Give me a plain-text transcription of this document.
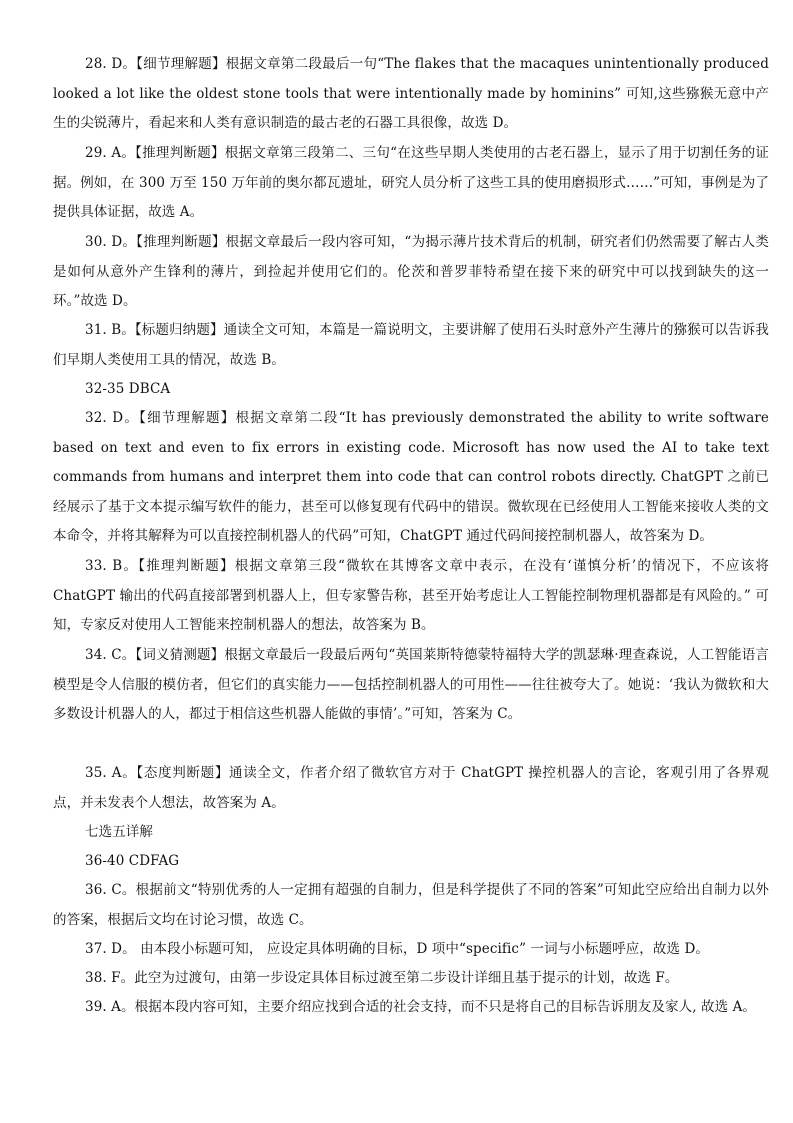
28. D。【细节理解题】根据文章第二段最后一句“The flakes that the macaques unintentionally produced looked a lot like the oldest stone tools that were intentionally made by hominins” 可知,这些猕猴无意中产生的尖锐薄片，看起来和人类有意识制造的最古老的石器工具很像，故选 D。
29. A。【推理判断题】根据文章第三段第二、三句“在这些早期人类使用的古老石器上，显示了用于切割任务的证据。例如，在 300 万至 150 万年前的奥尔都瓦遗址，研究人员分析了这些工具的使用磨损形式……”可知，事例是为了提供具体证据，故选 A。
30. D。【推理判断题】根据文章最后一段内容可知，“为揭示薄片技术背后的机制，研究者们仍然需要了解古人类是如何从意外产生锋利的薄片，到捡起并使用它们的。伦茨和普罗菲特希望在接下来的研究中可以找到缺失的这一环。”故选 D。
31. B。【标题归纳题】通读全文可知，本篇是一篇说明文，主要讲解了使用石头时意外产生薄片的猕猴可以告诉我们早期人类使用工具的情况，故选 B。
32-35 DBCA
32. D。【细节理解题】根据文章第二段“It has previously demonstrated the ability to write software based on text and even to fix errors in existing code. Microsoft has now used the AI to take text commands from humans and interpret them into code that can control robots directly. ChatGPT 之前已经展示了基于文本提示编写软件的能力，甚至可以修复现有代码中的错误。微软现在已经使用人工智能来接收人类的文本命令，并将其解释为可以直接控制机器人的代码”可知，ChatGPT 通过代码间接控制机器人，故答案为 D。
33. B。【推理判断题】根据文章第三段“微软在其博客文章中表示，在没有‘谨慎分析’的情况下，不应该将 ChatGPT 输出的代码直接部署到机器人上，但专家警告称，甚至开始考虑让人工智能控制物理机器都是有风险的。” 可知，专家反对使用人工智能来控制机器人的想法，故答案为 B。
34. C。【词义猜测题】根据文章最后一段最后两句“英国莱斯特德蒙特福特大学的凯瑟琳·理查森说，人工智能语言模型是令人信服的模仿者，但它们的真实能力——包括控制机器人的可用性——往往被夸大了。她说：‘我认为微软和大多数设计机器人的人，都过于相信这些机器人能做的事情’。”可知，答案为 C。
35. A。【态度判断题】通读全文，作者介绍了微软官方对于 ChatGPT 操控机器人的言论，客观引用了各界观点，并未发表个人想法，故答案为 A。
七选五详解
36-40 CDFAG
36. C。根据前文“特别优秀的人一定拥有超强的自制力，但是科学提供了不同的答案”可知此空应给出自制力以外的答案，根据后文均在讨论习惯，故选 C。
37. D。 由本段小标题可知， 应设定具体明确的目标，D 项中“specific” 一词与小标题呼应，故选 D。
38. F。此空为过渡句，由第一步设定具体目标过渡至第二步设计详细且基于提示的计划，故选 F。
39. A。根据本段内容可知，主要介绍应找到合适的社会支持，而不只是将自己的目标告诉朋友及家人, 故选 A。
